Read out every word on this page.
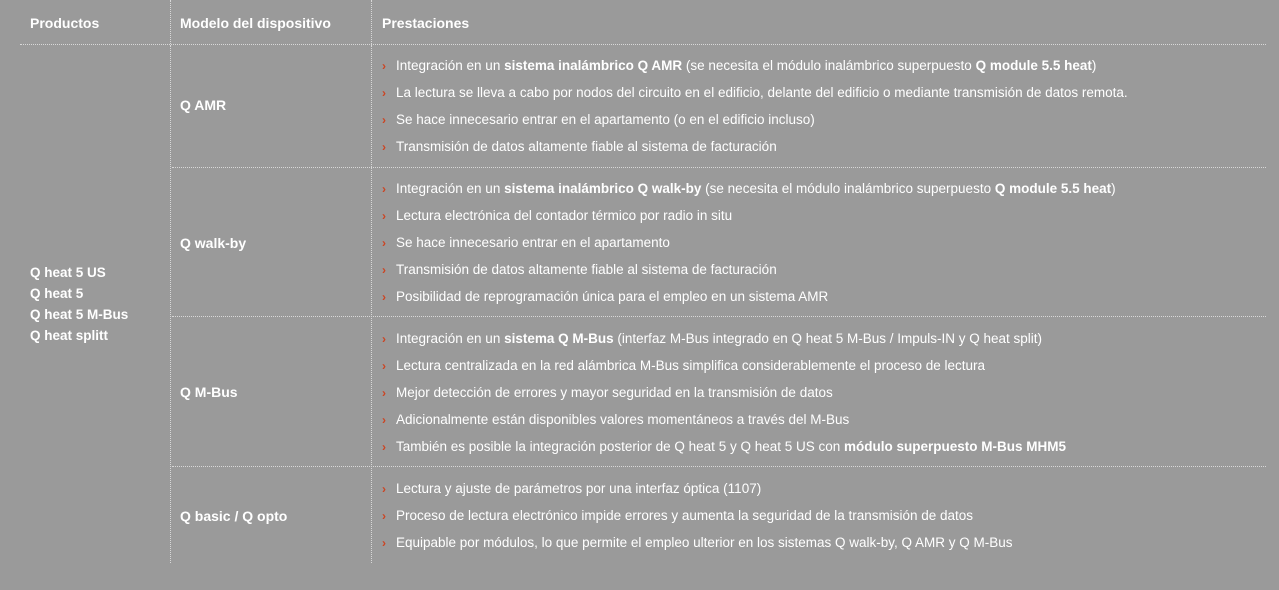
Productos	Modelo del dispositivo	Prestaciones
Q heat 5 US
Q heat 5
Q heat 5 M-Bus
Q heat splitt
Q AMR
Q walk-by
Q M-Bus
Q basic / Q opto
› Integración en un sistema inalámbrico Q AMR (se necesita el módulo inalámbrico superpuesto Q module 5.5 heat)
› La lectura se lleva a cabo por nodos del circuito en el edificio, delante del edificio o mediante transmisión de datos remota.
› Se hace innecesario entrar en el apartamento (o en el edificio incluso)
› Transmisión de datos altamente fiable al sistema de facturación
› Integración en un sistema inalámbrico Q walk-by (se necesita el módulo inalámbrico superpuesto Q module 5.5 heat)
› Lectura electrónica del contador térmico por radio in situ
› Se hace innecesario entrar en el apartamento
› Transmisión de datos altamente fiable al sistema de facturación
› Posibilidad de reprogramación única para el empleo en un sistema AMR
› Integración en un sistema Q M-Bus (interfaz M-Bus integrado en Q heat 5 M-Bus / Impuls-IN y Q heat split)
› Lectura centralizada en la red alámbrica M-Bus simplifica considerablemente el proceso de lectura
› Mejor detección de errores y mayor seguridad en la transmisión de datos
› Adicionalmente están disponibles valores momentáneos a través del M-Bus
› También es posible la integración posterior de Q heat 5 y Q heat 5 US con módulo superpuesto M-Bus MHM5
› Lectura y ajuste de parámetros por una interfaz óptica (1107)
› Proceso de lectura electrónico impide errores y aumenta la seguridad de la transmisión de datos
› Equipable por módulos, lo que permite el empleo ulterior en los sistemas Q walk-by, Q AMR y Q M-Bus
